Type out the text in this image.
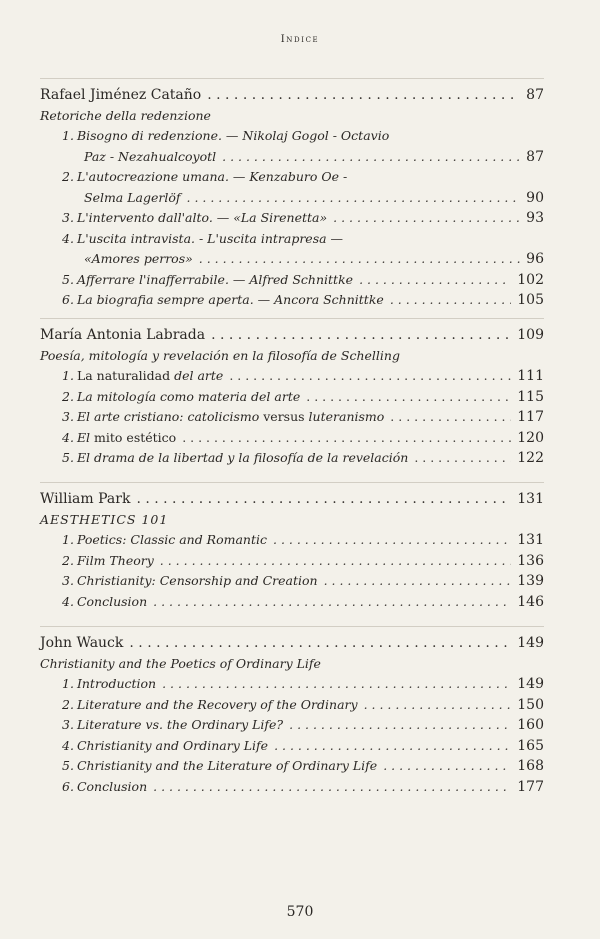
Indice
Rafael Jiménez Cataño . . .	87
Retoriche della redenzione
1. Bisogno di redenzione. — Nikolaj Gogol - Octavio
Paz - Nezahualcoyotl . . .	87
2. L'autocreazione umana. — Kenzaburo Oe -
Selma Lagerlöf . . .	90
3. L'intervento dall'alto. — «La Sirenetta» . . .	93
4. L'uscita intravista. - L'uscita intrapresa —
«Amores perros» . . .	96
5. Afferrare l'inafferrabile. — Alfred Schnittke . . .	102
6. La biografia sempre aperta. — Ancora Schnittke . . .	105
María Antonia Labrada . . .	109
Poesía, mitología y revelación en la filosofía de Schelling
1. La naturalidad del arte . . .	111
2. La mitología como materia del arte . . .	115
3. El arte cristiano: catolicismo versus luteranismo . . .	117
4. El mito estético . . .	120
5. El drama de la libertad y la filosofía de la revelación . . .	122
William Park . . .	131
AESTHETICS 101
1. Poetics: Classic and Romantic . . .	131
2. Film Theory . . .	136
3. Christianity: Censorship and Creation . . .	139
4. Conclusion . . .	146
John Wauck . . .	149
Christianity and the Poetics of Ordinary Life
1. Introduction . . .	149
2. Literature and the Recovery of the Ordinary . . .	150
3. Literature vs. the Ordinary Life? . . .	160
4. Christianity and Ordinary Life . . .	165
5. Christianity and the Literature of Ordinary Life . . .	168
6. Conclusion . . .	177
570
